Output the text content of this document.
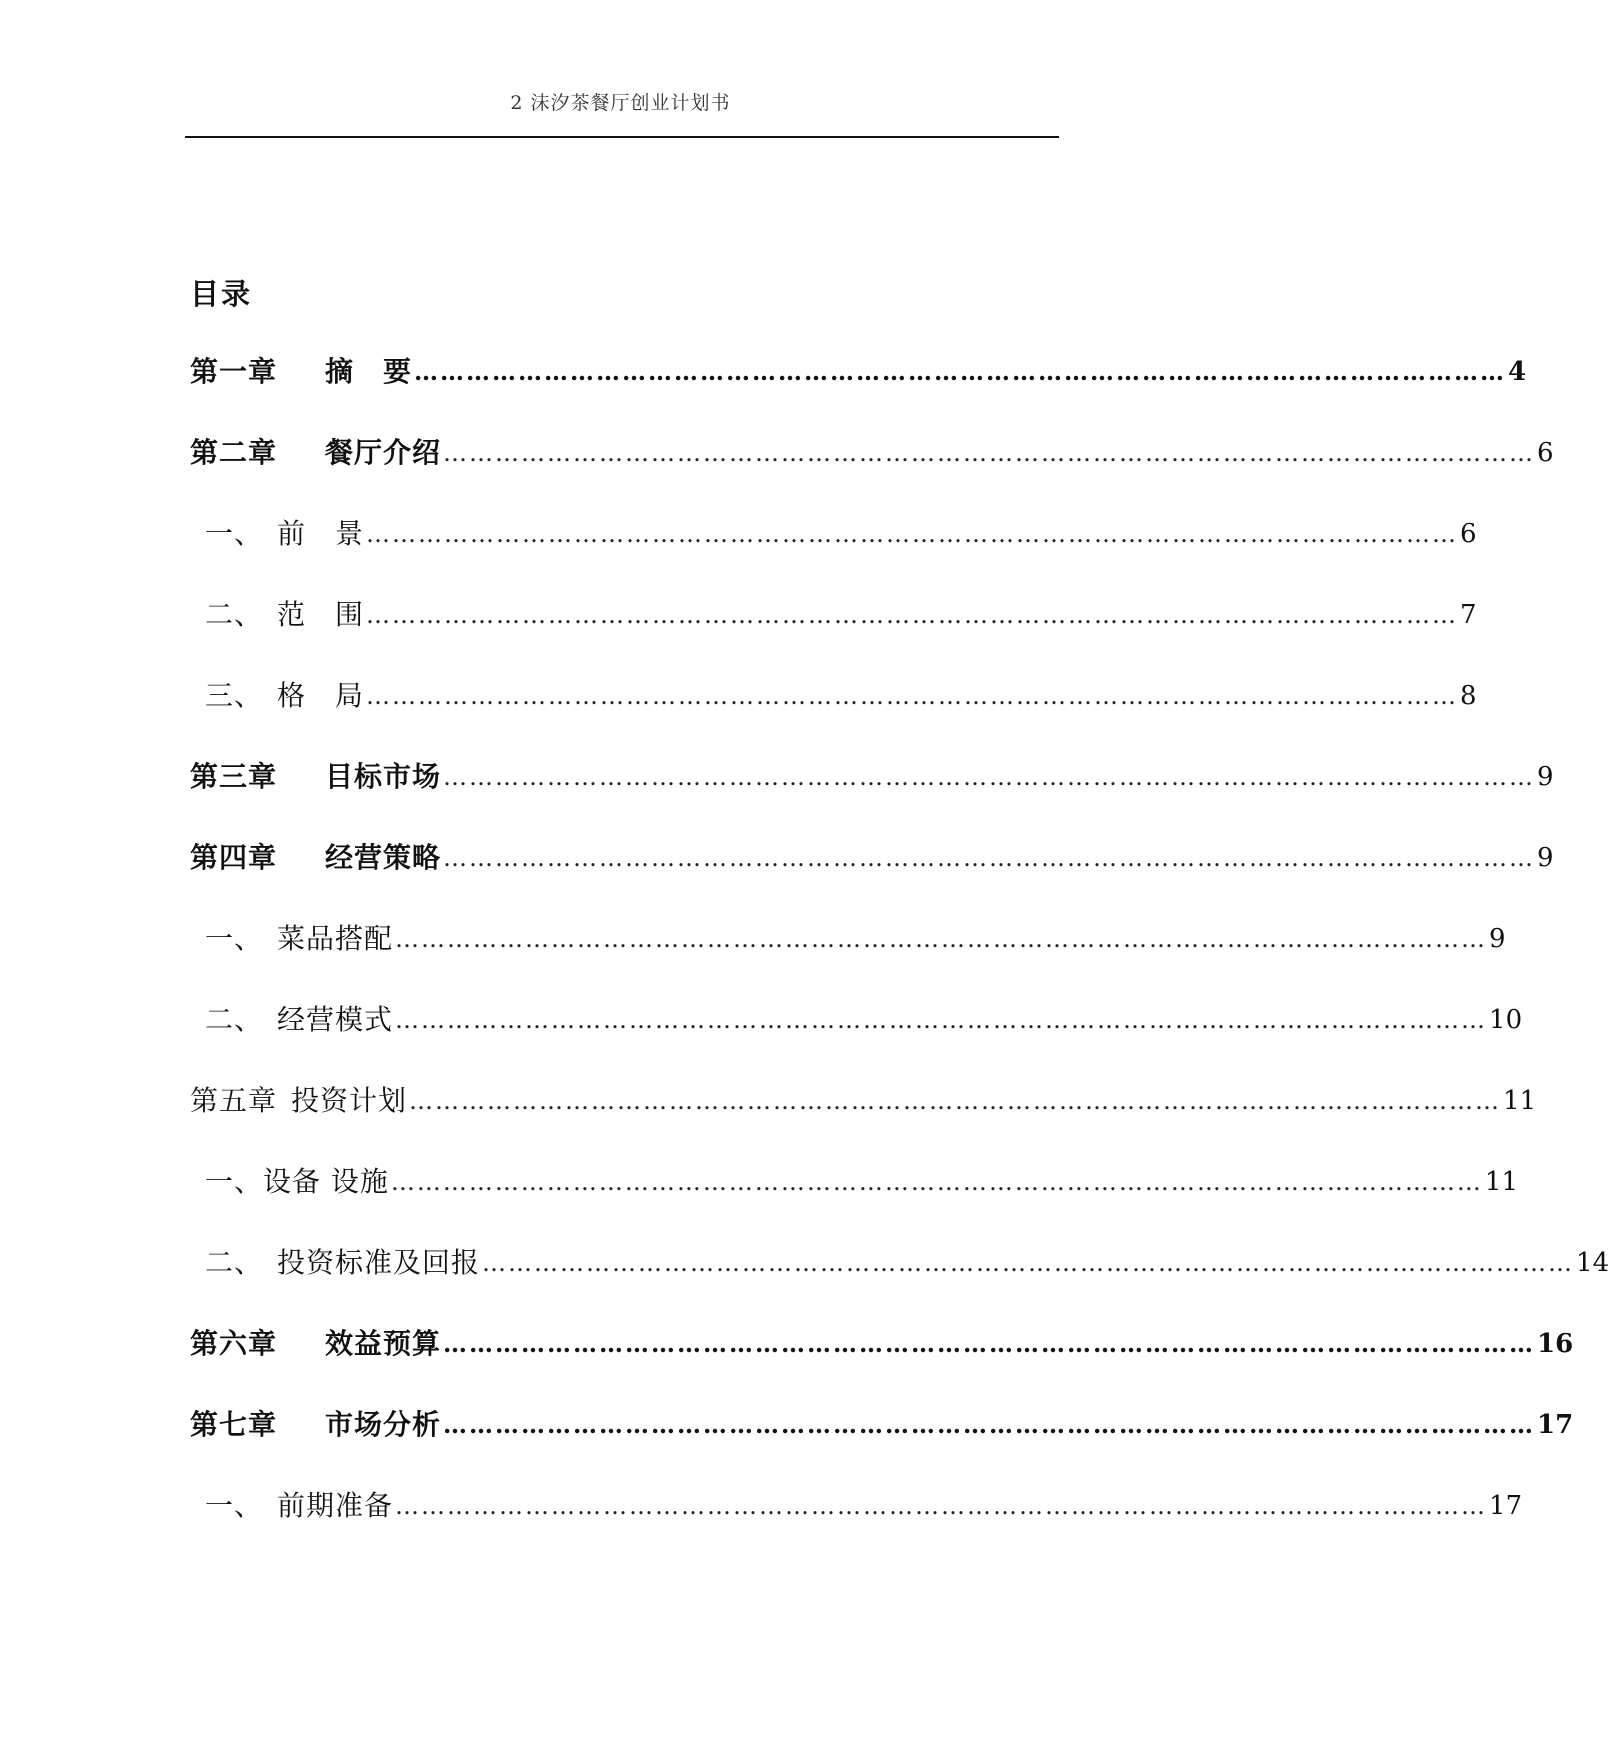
2 沫汐茶餐厅创业计划书
目录
第一章 摘　要 ……………………………………………………………………………………………………………… 4
第二章 餐厅介绍 ……………………………………………………………………………………………………………… 6
一、 前　景 ……………………………………………………………………………………………………………… 6
二、 范　围 ……………………………………………………………………………………………………………… 7
三、 格　局 ……………………………………………………………………………………………………………… 8
第三章 目标市场 ……………………………………………………………………………………………………………… 9
第四章 经营策略 ……………………………………………………………………………………………………………… 9
一、 菜品搭配 ……………………………………………………………………………………………………………… 9
二、 经营模式 ……………………………………………………………………………………………………………… 10
第五章 投资计划 ……………………………………………………………………………………………………………… 11
一、设备 设施 ……………………………………………………………………………………………………………… 11
二、 投资标准及回报 ……………………………………………………………………………………………………………… 14
第六章 效益预算 ……………………………………………………………………………………………………………… 16
第七章 市场分析 ……………………………………………………………………………………………………………… 17
一、 前期准备 ……………………………………………………………………………………………………………… 17
